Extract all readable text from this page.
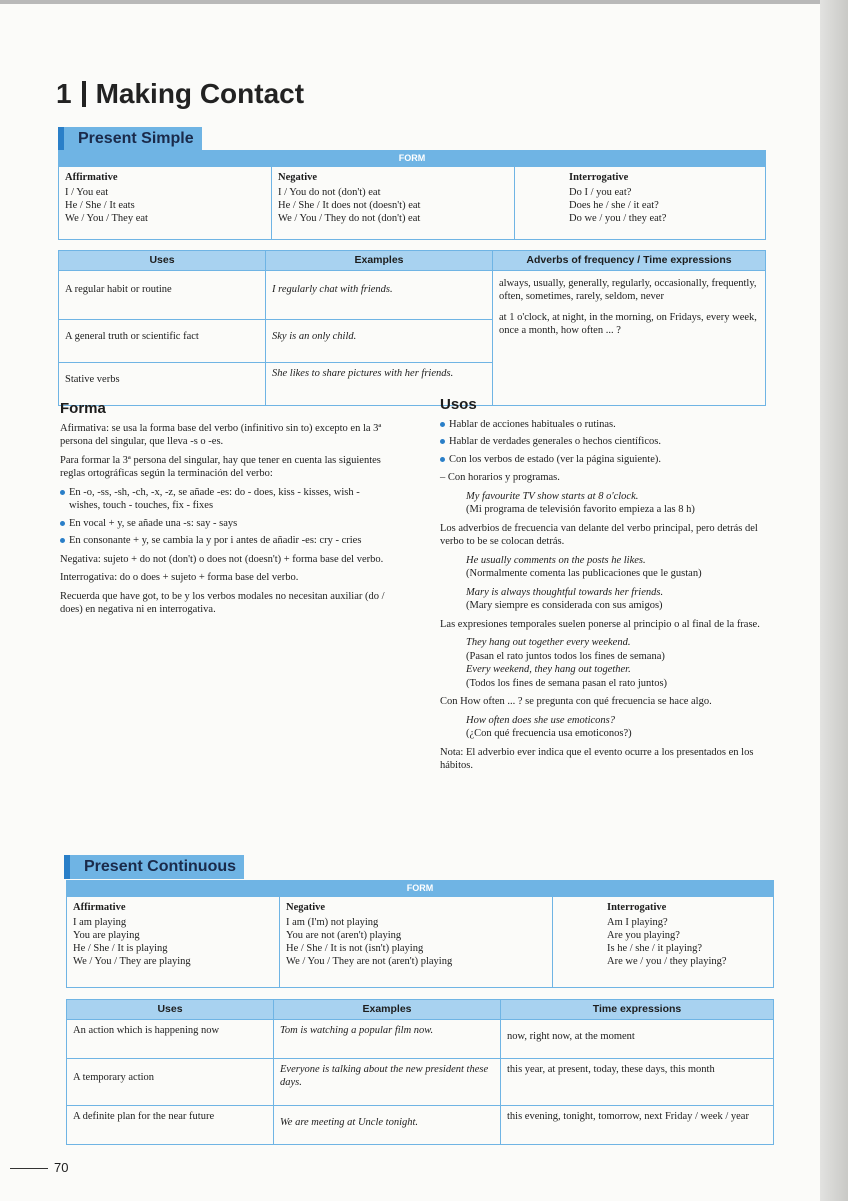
1 Making Contact
Present Simple
FORM

Affirmative
I / You eat
He / She / It eats
We / You / They eat

Negative
I / You do not (don't) eat
He / She / It does not (doesn't) eat
We / You / They do not (don't) eat

Interrogative
Do I / you eat?
Does he / she / it eat?
Do we / you / they eat?
Uses	Examples	Adverbs of frequency / Time expressions
A regular habit or routine	I regularly chat with friends.	always, usually, generally, regularly, occasionally, frequently, often, sometimes, rarely, seldom, never
at 1 o'clock, at night, in the morning, on Fridays, every week, once a month, how often ... ?

A general truth or scientific fact	Sky is an only child.	
Stative verbs	She likes to share pictures with her friends.	
Forma

Afirmativa: se usa la forma base del verbo (infinitivo sin to) excepto en la 3ª persona del singular, que lleva -s o -es.

Para formar la 3ª persona del singular, hay que tener en cuenta las siguientes reglas ortográficas según la terminación del verbo:

En -o, -ss, -sh, -ch, -x, -z, se añade -es: do - does, kiss - kisses, wish - wishes, touch - touches, fix - fixes
En vocal + y, se añade una -s: say - says
En consonante + y, se cambia la y por i antes de añadir -es: cry - cries

Negativa: sujeto + do not (don't) o does not (doesn't) + forma base del verbo.

Interrogativa: do o does + sujeto + forma base del verbo.

Recuerda que have got, to be y los verbos modales no necesitan auxiliar (do / does) en negativa ni en interrogativa.

Usos
Hablar de acciones habituales o rutinas.
Hablar de verdades generales o hechos científicos.
Con los verbos de estado (ver la página siguiente).

– Con horarios y programas.

My favourite TV show starts at 8 o'clock.
(Mi programa de televisión favorito empieza a las 8 h)

Los adverbios de frecuencia van delante del verbo principal, pero detrás del verbo to be se colocan detrás.

He usually comments on the posts he likes.
(Normalmente comenta las publicaciones que le gustan)
Mary is always thoughtful towards her friends.
(Mary siempre es considerada con sus amigos)

Las expresiones temporales suelen ponerse al principio o al final de la frase.

They hang out together every weekend.
(Pasan el rato juntos todos los fines de semana)
Every weekend, they hang out together.
(Todos los fines de semana pasan el rato juntos)

Con How often ... ? se pregunta con qué frecuencia se hace algo.

How often does she use emoticons?
(¿Con qué frecuencia usa emoticonos?)

Nota: El adverbio ever indica que el evento ocurre a los presentados en los hábitos.

Present Continuous
FORM

Affirmative
I am playing
You are playing
He / She / It is playing
We / You / They are playing

Negative
I am (I'm) not playing
You are not (aren't) playing
He / She / It is not (isn't) playing
We / You / They are not (aren't) playing

Interrogative
Am I playing?
Are you playing?
Is he / she / it playing?
Are we / you / they playing?
Uses	Examples	Time expressions
An action which is happening now	Tom is watching a popular film now.	now, right now, at the moment
A temporary action	Everyone is talking about the new president these days.	this year, at present, today, these days, this month
A definite plan for the near future	We are meeting at Uncle tonight.	this evening, tonight, tomorrow, next Friday / week / year
70
